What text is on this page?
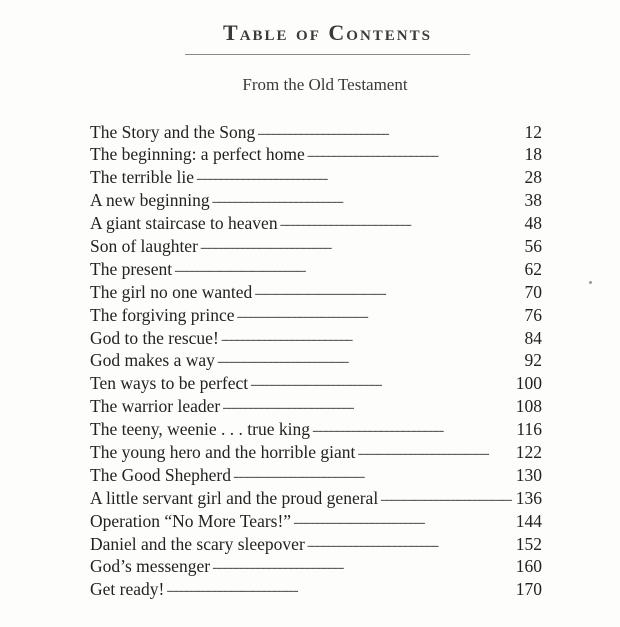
Table of Contents
From the Old Testament
The Story and the Song . . .	12
The beginning: a perfect home . . .	18
The terrible lie . . .	28
A new beginning . . .	38
A giant staircase to heaven . . .	48
Son of laughter . . .	56
The present . . .	62
The girl no one wanted . . .	70
The forgiving prince . . .	76
God to the rescue! . . .	84
God makes a way . . .	92
Ten ways to be perfect . . .	100
The warrior leader . . .	108
The teeny, weenie . . . true king . . .	116
The young hero and the horrible giant . . .	122
The Good Shepherd . . .	130
A little servant girl and the proud general . . .	136
Operation “No More Tears!” . . .	144
Daniel and the scary sleepover . . .	152
God’s messenger . . .	160
Get ready! . . .	170
